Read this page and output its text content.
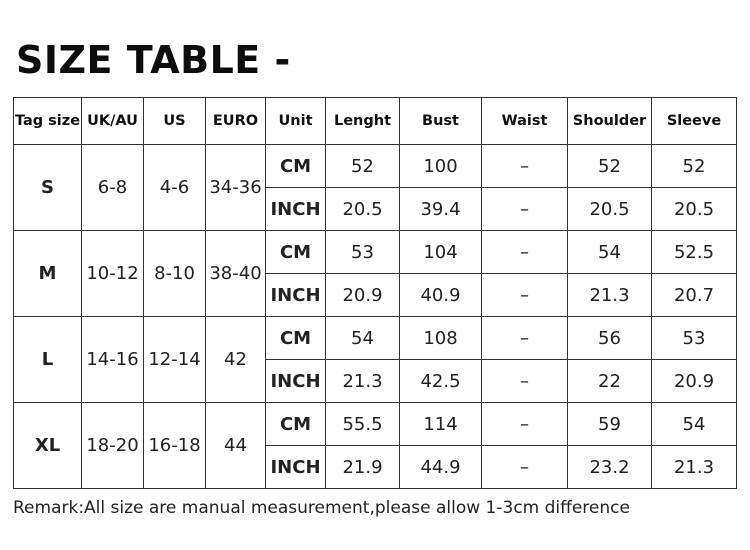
SIZE TABLE -
Tag size	UK/AU	US	EURO	Unit	Lenght	Bust	Waist	Shoulder	Sleeve
S	6-8	4-6	34-36	CM	52	100	–	52	52
				INCH	20.5	39.4	–	20.5	20.5
M	10-12	8-10	38-40	CM	53	104	–	54	52.5
				INCH	20.9	40.9	–	21.3	20.7
L	14-16	12-14	42	CM	54	108	–	56	53
				INCH	21.3	42.5	–	22	20.9
XL	18-20	16-18	44	CM	55.5	114	–	59	54
				INCH	21.9	44.9	–	23.2	21.3
Remark:All size are manual measurement,please allow 1-3cm difference
